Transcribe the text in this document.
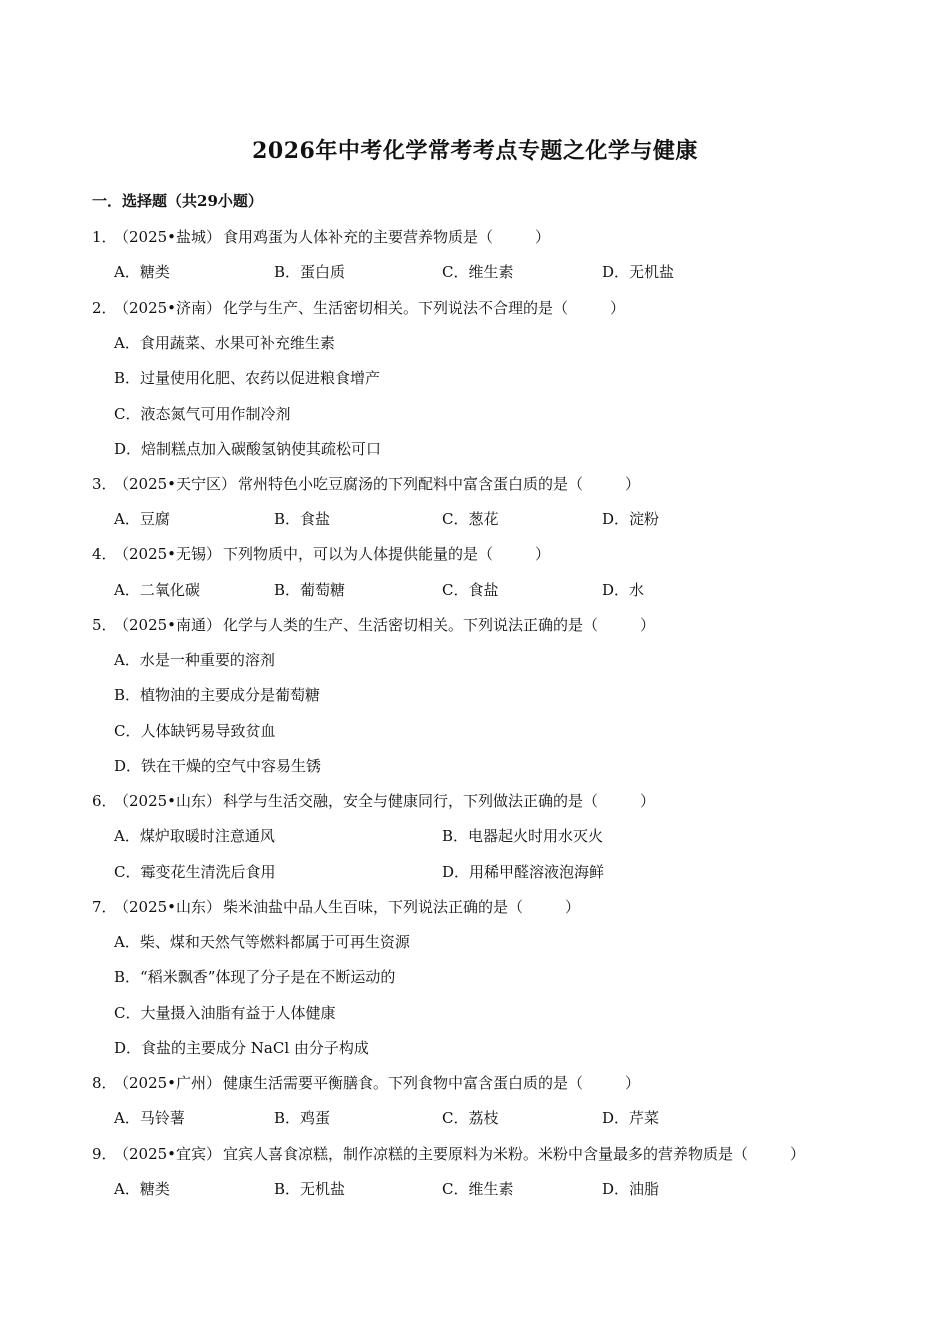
2026年中考化学常考考点专题之化学与健康
一．选择题（共29小题）
1．（2025•盐城） 食用鸡蛋为人体补充的主要营养物质是（	）
A．糖类	B．蛋白质	C．维生素	D．无机盐
2．（2025•济南） 化学与生产、生活密切相关。下列说法不合理的是（	）
A．食用蔬菜、水果可补充维生素
B．过量使用化肥、农药以促进粮食增产
C．液态氮气可用作制冷剂
D．焙制糕点加入碳酸氢钠使其疏松可口
3．（2025•天宁区） 常州特色小吃豆腐汤的下列配料中富含蛋白质的是（	）
A．豆腐	B．食盐	C．葱花	D．淀粉
4．（2025•无锡） 下列物质中，可以为人体提供能量的是（	）
A．二氧化碳	B．葡萄糖	C．食盐	D．水
5．（2025•南通） 化学与人类的生产、生活密切相关。下列说法正确的是（	）
A．水是一种重要的溶剂
B．植物油的主要成分是葡萄糖
C．人体缺钙易导致贫血
D．铁在干燥的空气中容易生锈
6．（2025•山东） 科学与生活交融，安全与健康同行，下列做法正确的是（	）
A．煤炉取暖时注意通风	B．电器起火时用水灭火
C．霉变花生清洗后食用	D．用稀甲醛溶液泡海鲜
7．（2025•山东） 柴米油盐中品人生百味，下列说法正确的是（	）
A．柴、煤和天然气等燃料都属于可再生资源
B．“稻米飘香”体现了分子是在不断运动的
C．大量摄入油脂有益于人体健康
D．食盐的主要成分 NaCl 由分子构成
8．（2025•广州） 健康生活需要平衡膳食。下列食物中富含蛋白质的是（	）
A．马铃薯	B．鸡蛋	C．荔枝	D．芹菜
9．（2025•宜宾） 宜宾人喜食凉糕，制作凉糕的主要原料为米粉。米粉中含量最多的营养物质是（	）
A．糖类	B．无机盐	C．维生素	D．油脂
